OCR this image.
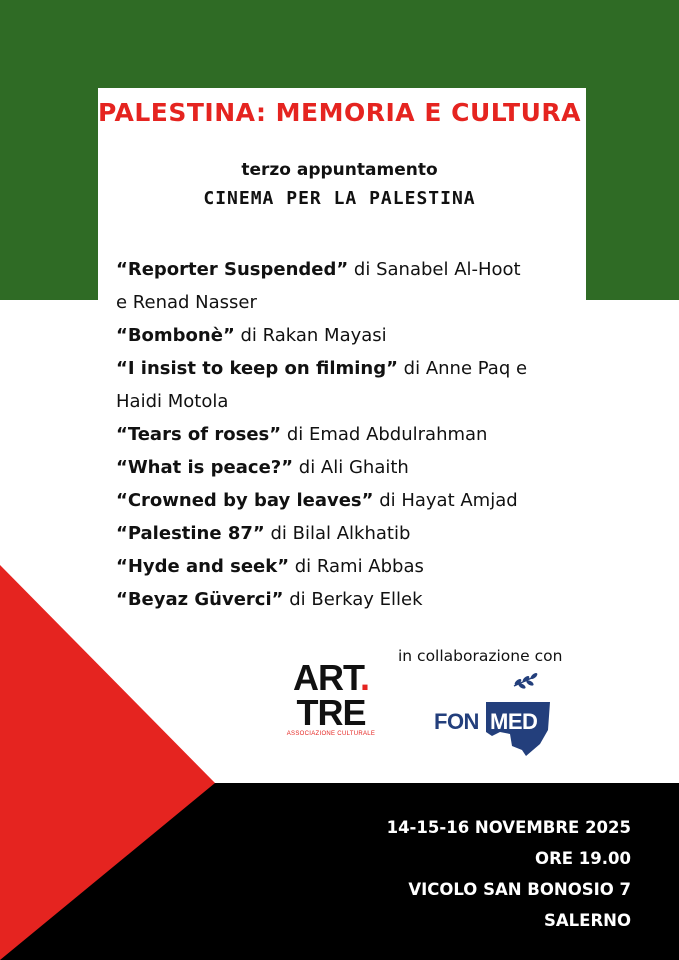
PALESTINA: MEMORIA E CULTURA
terzo appuntamento
CINEMA PER LA PALESTINA
“Reporter Suspended” di Sanabel Al-Hoot
e Renad Nasser
“Bombonè” di Rakan Mayasi
“I insist to keep on filming” di Anne Paq e
Haidi Motola
“Tears of roses” di Emad Abdulrahman
“What is peace?” di Ali Ghaith
“Crowned by bay leaves” di Hayat Amjad
“Palestine 87” di Bilal Alkhatib
“Hyde and seek” di Rami Abbas
“Beyaz Güverci” di Berkay Ellek
in collaborazione con
ART.
TRE
ASSOCIAZIONE CULTURALE	FON MED
14-15-16 NOVEMBRE 2025
ORE 19.00
VICOLO SAN BONOSIO 7
SALERNO
